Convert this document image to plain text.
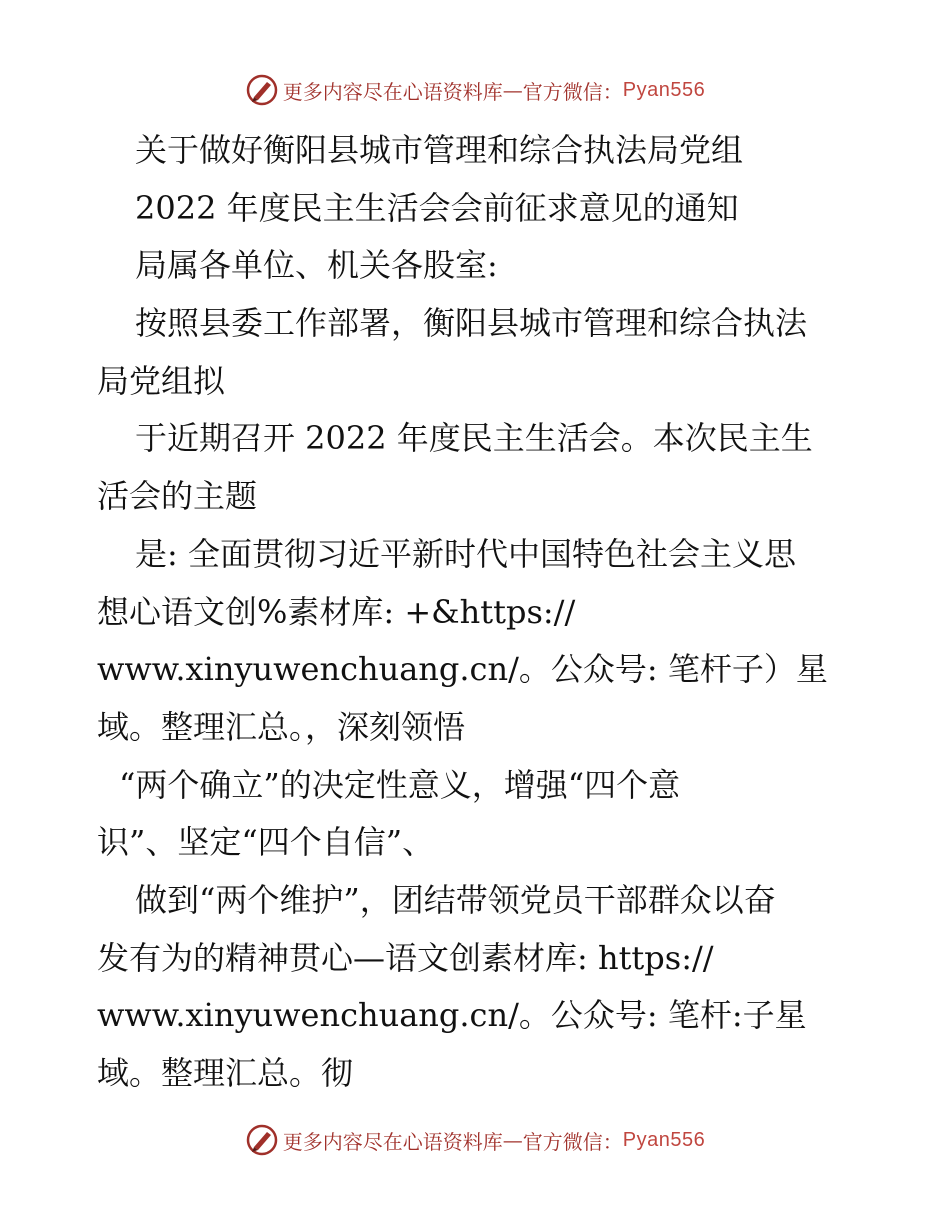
更多内容尽在心语资料库 — 官方微信： Pyan556
关于做好衡阳县城市管理和综合执法局党组
2022 年度民主生活会会前征求意见的通知
局属各单位、机关各股室:
按照县委工作部署，衡阳县城市管理和综合执法
局党组拟
于近期召开 2022 年度民主生活会。本次民主生
活会的主题
是: 全面贯彻习近平新时代中国特色社会主义思
想心语文创%素材库: +&https://
www.xinyuwenchuang.cn/。公众号: 笔杆子）星
域。整理汇总。，深刻领悟
“两个确立”的决定性意义，增强“四个意
识”、坚定“四个自信”、
做到“两个维护”，团结带领党员干部群众以奋
发有为的精神贯心—语文创素材库: https://
www.xinyuwenchuang.cn/。公众号: 笔杆:子星
域。整理汇总。彻
更多内容尽在心语资料库 — 官方微信： Pyan556
